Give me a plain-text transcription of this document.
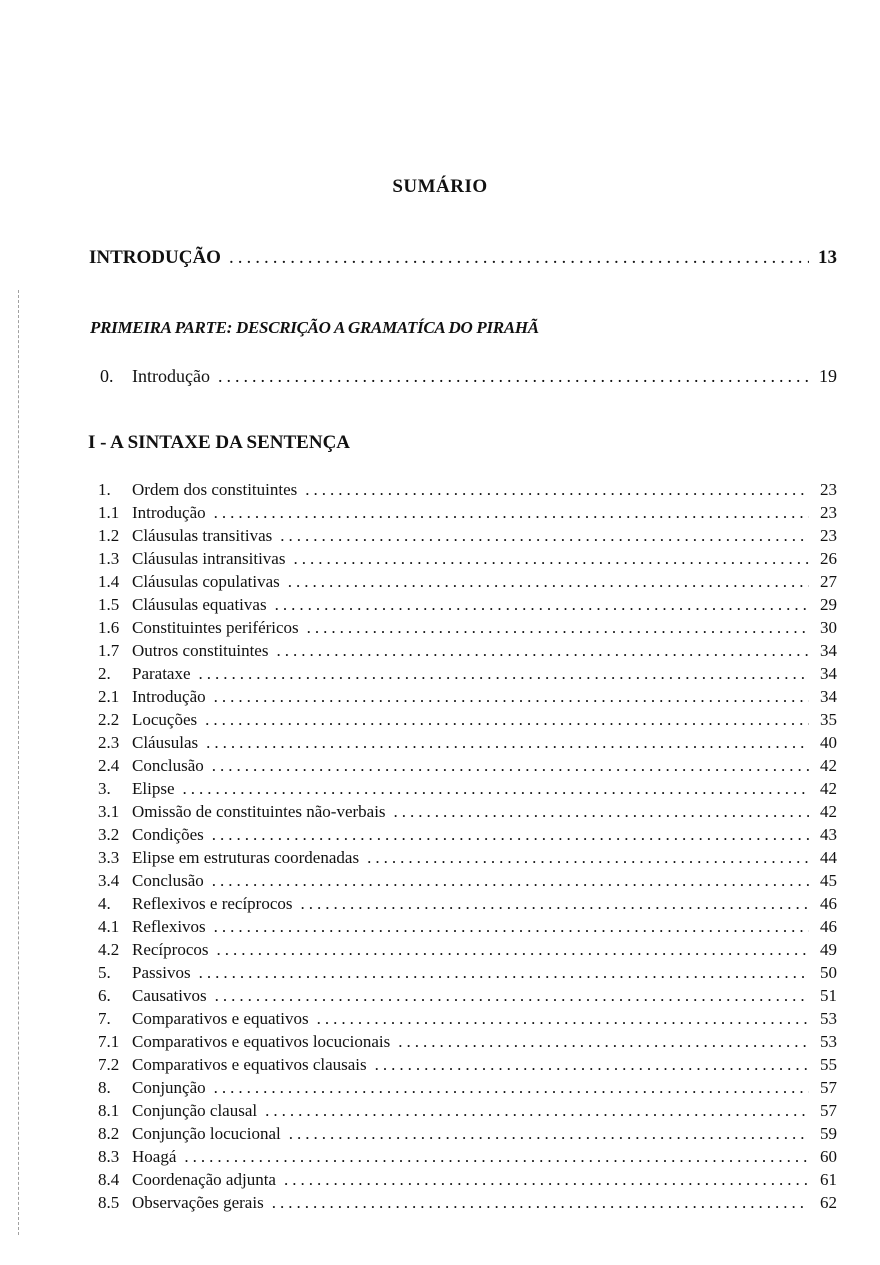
SUMÁRIO
INTRODUÇÃO .....	13
PRIMEIRA PARTE: DESCRIÇÃO A GRAMATÍCA DO PIRAHÃ
0.	Introdução .....	19
I - A SINTAXE DA SENTENÇA
1.	Ordem dos constituintes .....	23
1.1 Introdução .....	23
1.2 Cláusulas transitivas .....	23
1.3 Cláusulas intransitivas .....	26
1.4 Cláusulas copulativas .....	27
1.5 Cláusulas equativas .....	29
1.6 Constituintes periféricos .....	30
1.7 Outros constituintes .....	34
2.	Parataxe .....	34
2.1 Introdução .....	34
2.2 Locuções .....	35
2.3 Cláusulas .....	40
2.4 Conclusão .....	42
3.	Elipse .....	42
3.1 Omissão de constituintes não-verbais .....	42
3.2 Condições .....	43
3.3 Elipse em estruturas coordenadas .....	44
3.4 Conclusão .....	45
4.	Reflexivos e recíprocos .....	46
4.1 Reflexivos .....	46
4.2 Recíprocos .....	49
5.	Passivos .....	50
6.	Causativos .....	51
7.	Comparativos e equativos .....	53
7.1 Comparativos e equativos locucionais .....	53
7.2 Comparativos e equativos clausais .....	55
8.	Conjunção .....	57
8.1 Conjunção clausal .....	57
8.2 Conjunção locucional .....	59
8.3 Hoagá .....	60
8.4 Coordenação adjunta .....	61
8.5 Observações gerais .....	62
